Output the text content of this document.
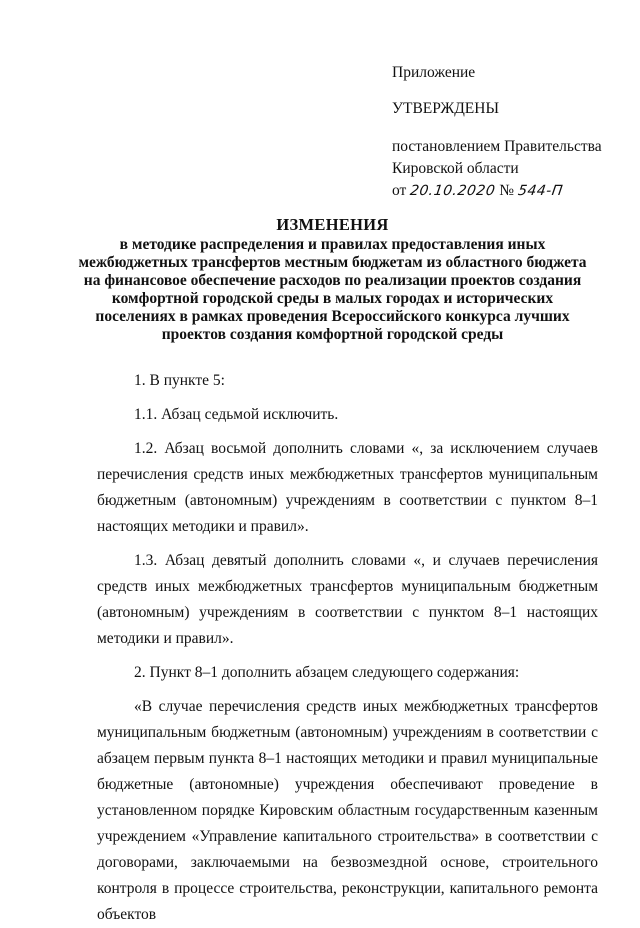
Приложение
УТВЕРЖДЕНЫ
постановлением Правительства
Кировской области
от 20.10.2020 № 544-П
ИЗМЕНЕНИЯ
в методике распределения и правилах предоставления иных
межбюджетных трансфертов местным бюджетам из областного бюджета
на финансовое обеспечение расходов по реализации проектов создания
комфортной городской среды в малых городах и исторических
поселениях в рамках проведения Всероссийского конкурса лучших
проектов создания комфортной городской среды

1. В пункте 5:

1.1. Абзац седьмой исключить.

1.2. Абзац восьмой дополнить словами «, за исключением случаев перечисления средств иных межбюджетных трансфертов муниципальным бюджетным (автономным) учреждениям в соответствии с пунктом 8–1 настоящих методики и правил».

1.3. Абзац девятый дополнить словами «, и случаев перечисления средств иных межбюджетных трансфертов муниципальным бюджетным (автономным) учреждениям в соответствии с пунктом 8–1 настоящих методики и правил».

2. Пункт 8–1 дополнить абзацем следующего содержания:

«В случае перечисления средств иных межбюджетных трансфертов муниципальным бюджетным (автономным) учреждениям в соответствии с абзацем первым пункта 8–1 настоящих методики и правил муниципальные бюджетные (автономные) учреждения обеспечивают проведение в установленном порядке Кировским областным государственным казенным учреждением «Управление капитального строительства» в соответствии с договорами, заключаемыми на безвозмездной основе, строительного контроля в процессе строительства, реконструкции, капитального ремонта объектов
